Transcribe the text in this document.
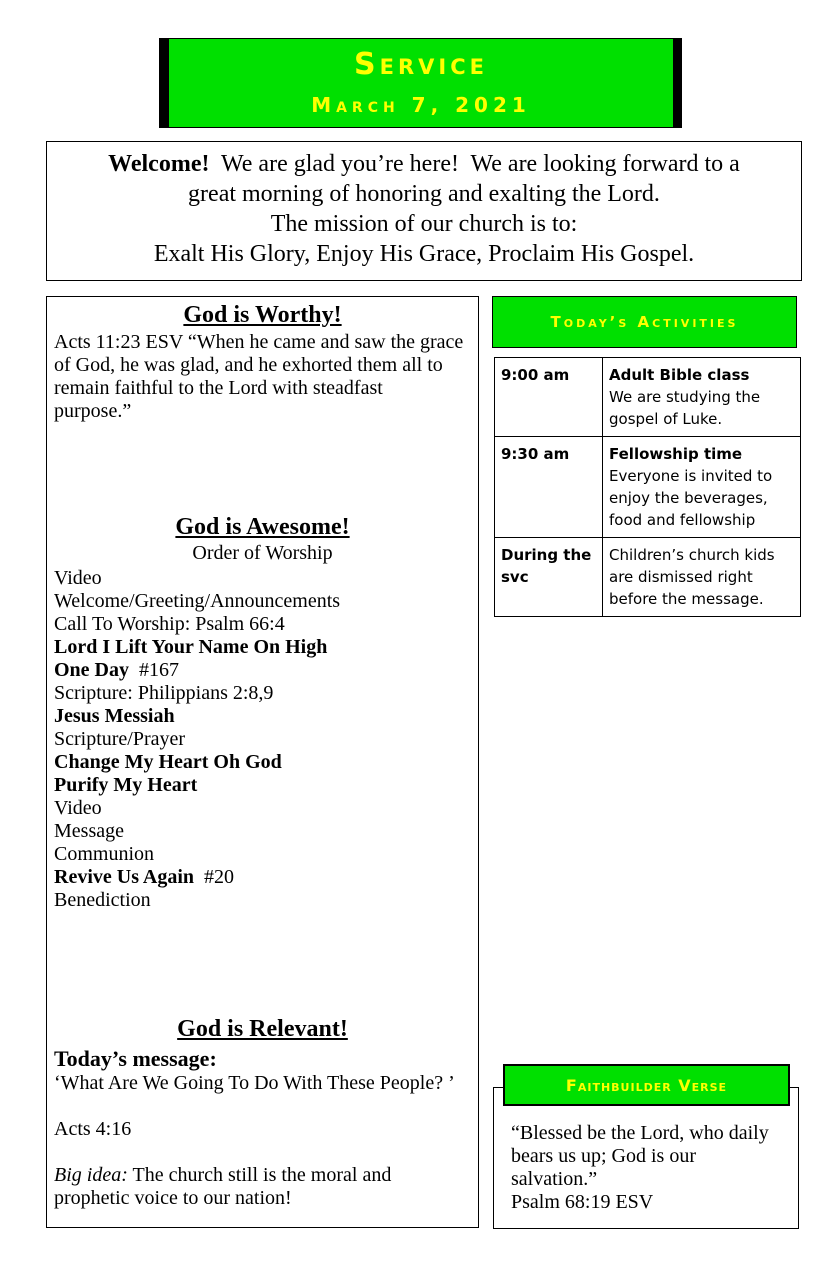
Service
March 7, 2021
Welcome!  We are glad you’re here!  We are looking forward to a
great morning of honoring and exalting the Lord.
The mission of our church is to:
Exalt His Glory, Enjoy His Grace, Proclaim His Gospel.
God is Worthy!
Acts 11:23 ESV “When he came and saw the grace of God, he was glad, and he exhorted them all to remain faithful to the Lord with steadfast purpose.”
God is Awesome!
Order of Worship
Video
Welcome/Greeting/Announcements
Call To Worship: Psalm 66:4
Lord I Lift Your Name On High
One Day  #167
Scripture: Philippians 2:8,9
Jesus Messiah
Scripture/Prayer
Change My Heart Oh God
Purify My Heart
Video
Message
Communion
Revive Us Again  #20
Benediction
God is Relevant!
Today’s message:
‘What Are We Going To Do With These People? ’
Acts 4:16
Big idea: The church still is the moral and prophetic voice to our nation!
Today’s Activities
9:00 am	Adult Bible class
We are studying the gospel of Luke.

9:30 am	Fellowship time
Everyone is invited to enjoy the beverages, food and fellowship

During the svc	Children’s church kids are dismissed right before the message.
Faithbuilder Verse
“Blessed be the Lord, who daily bears us up; God is our salvation.”
Psalm 68:19 ESV
